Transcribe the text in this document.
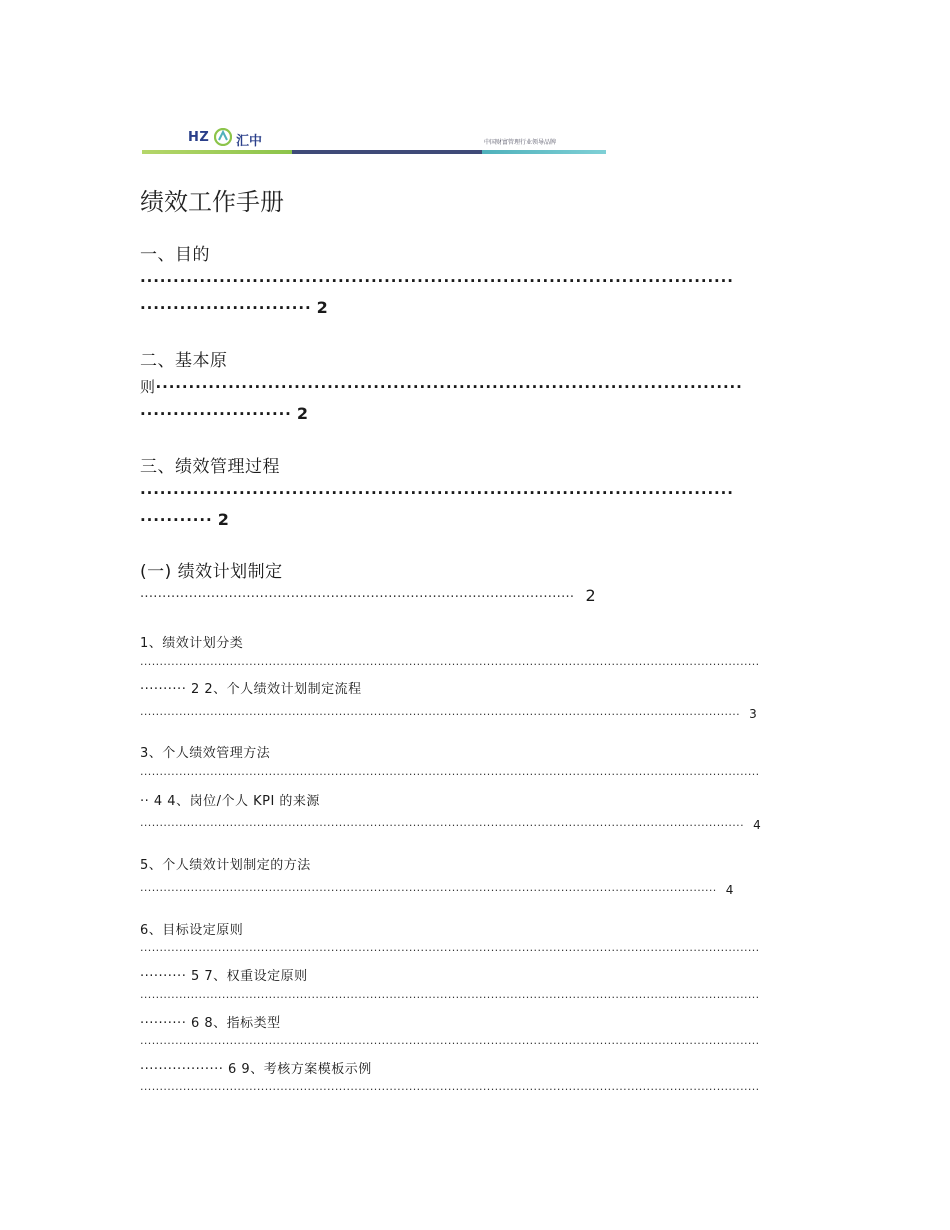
HZ 汇中	中国财富管理行业领导品牌
绩效工作手册
一、目的
··························································································
·························· 2
二、基本原
则·························································································
······················· 2
三、绩效管理过程
··························································································
··········· 2
(一) 绩效计划制定
·································································································· 2
1、绩效计划分类
·······························································································································································
·········· 2 2、个人绩效计划制定流程
·························································································································································· 3
3、个人绩效管理方法
·······························································································································································
·· 4 4、岗位/个人 KPI 的来源
··························································································································································· 4
5、个人绩效计划制定的方法
···················································································································································· 4
6、目标设定原则
·······························································································································································
·········· 5 7、权重设定原则
·······························································································································································
·········· 6 8、指标类型
·······························································································································································
·················· 6 9、考核方案模板示例
·······························································································································································
